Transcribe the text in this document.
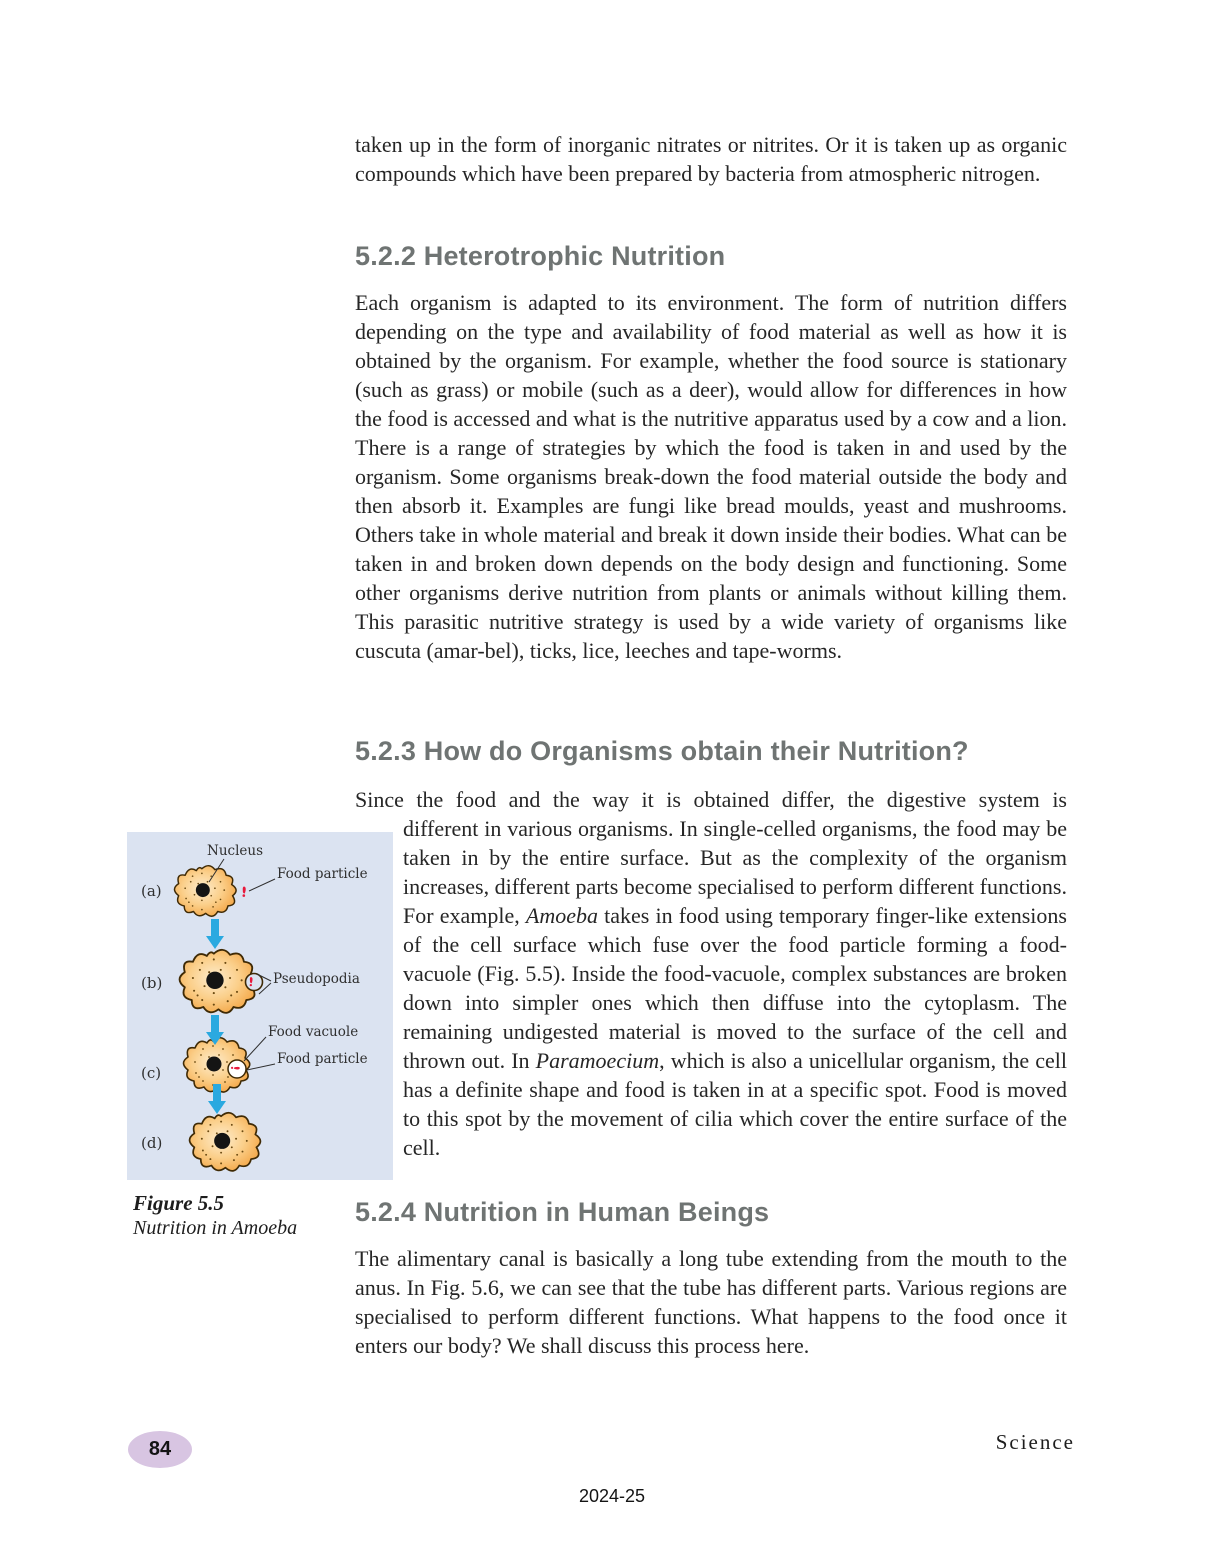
taken up in the form of inorganic nitrates or nitrites. Or it is taken up as organic compounds which have been prepared by bacteria from atmospheric nitrogen.
5.2.2 Heterotrophic Nutrition
Each organism is adapted to its environment. The form of nutrition differs depending on the type and availability of food material as well as how it is obtained by the organism. For example, whether the food source is stationary (such as grass) or mobile (such as a deer), would allow for differences in how the food is accessed and what is the nutritive apparatus used by a cow and a lion. There is a range of strategies by which the food is taken in and used by the organism. Some organisms break-down the food material outside the body and then absorb it. Examples are fungi like bread moulds, yeast and mushrooms. Others take in whole material and break it down inside their bodies. What can be taken in and broken down depends on the body design and functioning. Some other organisms derive nutrition from plants or animals without killing them. This parasitic nutritive strategy is used by a wide variety of organisms like cuscuta (amar-bel), ticks, lice, leeches and tape-worms.
5.2.3 How do Organisms obtain their Nutrition?
Since the food and the way it is obtained differ, the digestive system is
different in various organisms. In single-celled organisms, the food may be taken in by the entire surface. But as the complexity of the organism increases, different parts become specialised to perform different functions. For example, Amoeba takes in food using temporary finger-like extensions of the cell surface which fuse over the food particle forming a food-vacuole (Fig. 5.5). Inside the food-vacuole, complex substances are broken down into simpler ones which then diffuse into the cytoplasm. The remaining undigested material is moved to the surface of the cell and thrown out. In Paramoecium, which is also a unicellular organism, the cell has a definite shape and food is taken in at a specific spot. Food is moved to this spot by the movement of cilia which cover the entire surface of the cell.
Nucleus
Food particle
Pseudopodia
Food vacuole
Food particle
(a)
(b)
(c)
(d)
Figure 5.5
Nutrition in Amoeba
5.2.4 Nutrition in Human Beings
The alimentary canal is basically a long tube extending from the mouth to the anus. In Fig. 5.6, we can see that the tube has different parts. Various regions are specialised to perform different functions. What happens to the food once it enters our body? We shall discuss this process here.
84	Science
2024-25
